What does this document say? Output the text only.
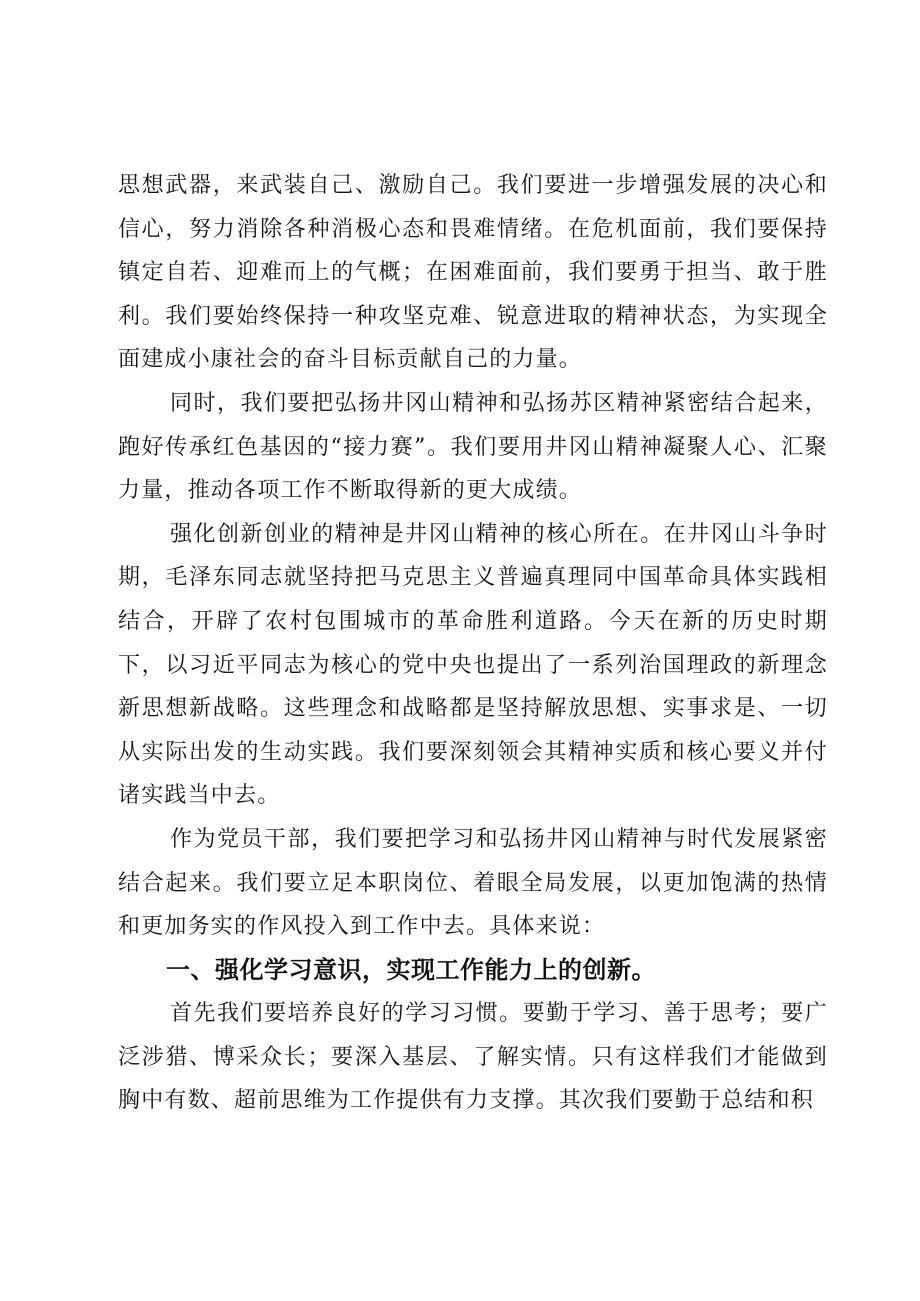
思想武器，来武装自己、激励自己。我们要进一步增强发展的决心和信心，努力消除各种消极心态和畏难情绪。在危机面前，我们要保持镇定自若、迎难而上的气概；在困难面前，我们要勇于担当、敢于胜利。我们要始终保持一种攻坚克难、锐意进取的精神状态，为实现全面建成小康社会的奋斗目标贡献自己的力量。

同时，我们要把弘扬井冈山精神和弘扬苏区精神紧密结合起来，跑好传承红色基因的“接力赛”。我们要用井冈山精神凝聚人心、汇聚力量，推动各项工作不断取得新的更大成绩。

强化创新创业的精神是井冈山精神的核心所在。在井冈山斗争时期，毛泽东同志就坚持把马克思主义普遍真理同中国革命具体实践相结合，开辟了农村包围城市的革命胜利道路。今天在新的历史时期下，以习近平同志为核心的党中央也提出了一系列治国理政的新理念新思想新战略。这些理念和战略都是坚持解放思想、实事求是、一切从实际出发的生动实践。我们要深刻领会其精神实质和核心要义并付诸实践当中去。

作为党员干部，我们要把学习和弘扬井冈山精神与时代发展紧密结合起来。我们要立足本职岗位、着眼全局发展，以更加饱满的热情和更加务实的作风投入到工作中去。具体来说：

一、强化学习意识，实现工作能力上的创新。

首先我们要培养良好的学习习惯。要勤于学习、善于思考；要广泛涉猎、博采众长；要深入基层、了解实情。只有这样我们才能做到胸中有数、超前思维为工作提供有力支撑。其次我们要勤于总结和积
